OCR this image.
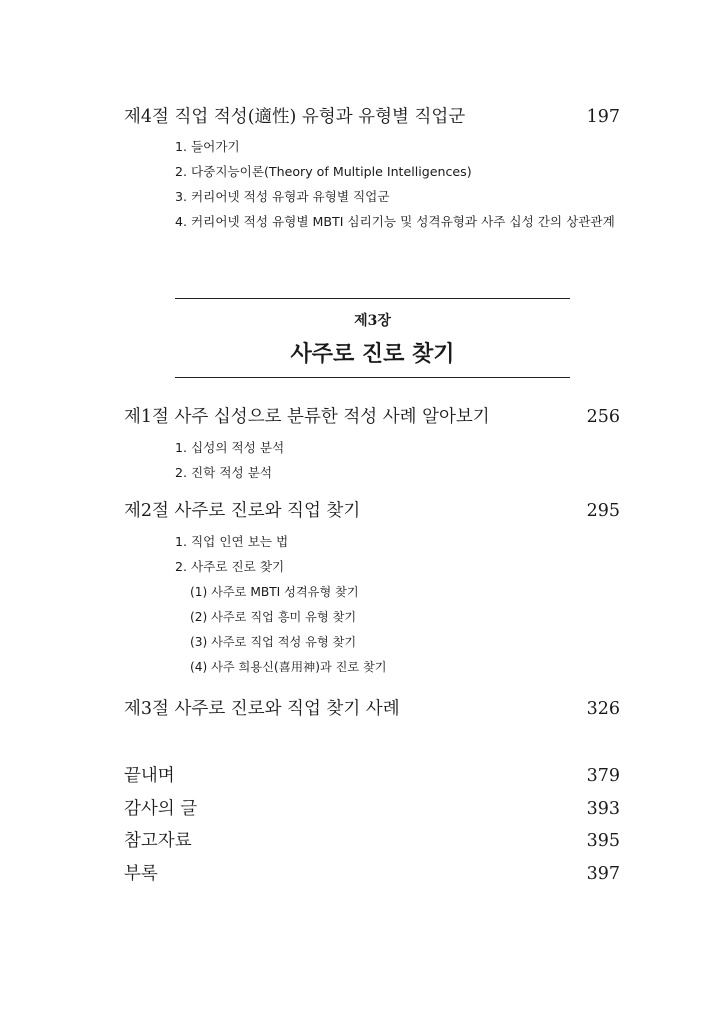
제4절 직업 적성(適性) 유형과 유형별 직업군	197
1. 들어가기
2. 다중지능이론(Theory of Multiple Intelligences)
3. 커리어넷 적성 유형과 유형별 직업군
4. 커리어넷 적성 유형별 MBTI 심리기능 및 성격유형과 사주 십성 간의 상관관계
제3장
사주로 진로 찾기
제1절 사주 십성으로 분류한 적성 사례 알아보기	256
1. 십성의 적성 분석
2. 진학 적성 분석
제2절 사주로 진로와 직업 찾기	295
1. 직업 인연 보는 법
2. 사주로 진로 찾기
(1) 사주로 MBTI 성격유형 찾기
(2) 사주로 직업 흥미 유형 찾기
(3) 사주로 직업 적성 유형 찾기
(4) 사주 희용신(喜用神)과 진로 찾기
제3절 사주로 진로와 직업 찾기 사례	326
끝내며	379
감사의 글	393
참고자료	395
부록	397
